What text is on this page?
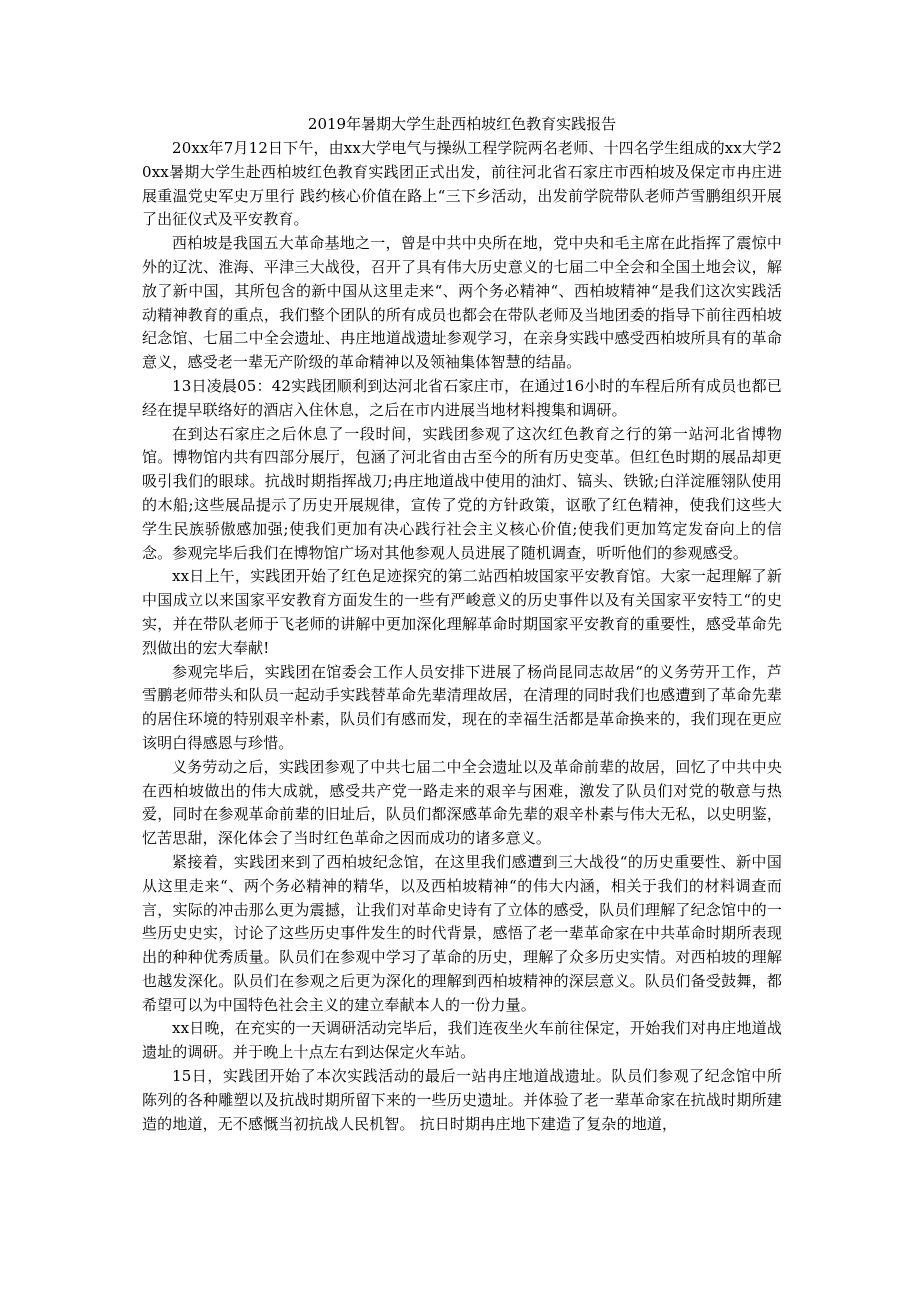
2019年暑期大学生赴西柏坡红色教育实践报告

20xx年7月12日下午，由xx大学电气与操纵工程学院两名老师、十四名学生组成的xx大学20xx暑期大学生赴西柏坡红色教育实践团正式出发，前往河北省石家庄市西柏坡及保定市冉庄进展重温党史军史万里行 践约核心价值在路上“三下乡活动，出发前学院带队老师芦雪鹏组织开展了出征仪式及平安教育。

西柏坡是我国五大革命基地之一，曾是中共中央所在地，党中央和毛主席在此指挥了震惊中外的辽沈、淮海、平津三大战役，召开了具有伟大历史意义的七届二中全会和全国土地会议，解放了新中国，其所包含的新中国从这里走来“、两个务必精神“、西柏坡精神“是我们这次实践活动精神教育的重点，我们整个团队的所有成员也都会在带队老师及当地团委的指导下前往西柏坡纪念馆、七届二中全会遗址、冉庄地道战遗址参观学习，在亲身实践中感受西柏坡所具有的革命意义，感受老一辈无产阶级的革命精神以及领袖集体智慧的结晶。

13日凌晨05：42实践团顺利到达河北省石家庄市，在通过16小时的车程后所有成员也都已经在提早联络好的酒店入住休息，之后在市内进展当地材料搜集和调研。

在到达石家庄之后休息了一段时间，实践团参观了这次红色教育之行的第一站河北省博物馆。博物馆内共有四部分展厅，包涵了河北省由古至今的所有历史变革。但红色时期的展品却更吸引我们的眼球。抗战时期指挥战刀;冉庄地道战中使用的油灯、镐头、铁锨;白洋淀雁翎队使用的木船;这些展品提示了历史开展规律，宣传了党的方针政策，讴歌了红色精神，使我们这些大学生民族骄傲感加强;使我们更加有决心践行社会主义核心价值;使我们更加笃定发奋向上的信念。参观完毕后我们在博物馆广场对其他参观人员进展了随机调查，听听他们的参观感受。

xx日上午，实践团开始了红色足迹探究的第二站西柏坡国家平安教育馆。大家一起理解了新中国成立以来国家平安教育方面发生的一些有严峻意义的历史事件以及有关国家平安特工“的史实，并在带队老师于飞老师的讲解中更加深化理解革命时期国家平安教育的重要性，感受革命先烈做出的宏大奉献!

参观完毕后，实践团在馆委会工作人员安排下进展了杨尚昆同志故居“的义务劳开工作，芦雪鹏老师带头和队员一起动手实践替革命先辈清理故居，在清理的同时我们也感遭到了革命先辈的居住环境的特别艰辛朴素，队员们有感而发，现在的幸福生活都是革命换来的，我们现在更应该明白得感恩与珍惜。

义务劳动之后，实践团参观了中共七届二中全会遗址以及革命前辈的故居，回忆了中共中央在西柏坡做出的伟大成就，感受共产党一路走来的艰辛与困难，激发了队员们对党的敬意与热爱，同时在参观革命前辈的旧址后，队员们都深感革命先辈的艰辛朴素与伟大无私，以史明鉴，忆苦思甜，深化体会了当时红色革命之因而成功的诸多意义。

紧接着，实践团来到了西柏坡纪念馆，在这里我们感遭到三大战役“的历史重要性、新中国从这里走来“、两个务必精神的精华，以及西柏坡精神“的伟大内涵，相关于我们的材料调查而言，实际的冲击那么更为震撼，让我们对革命史诗有了立体的感受，队员们理解了纪念馆中的一些历史史实，讨论了这些历史事件发生的时代背景，感悟了老一辈革命家在中共革命时期所表现出的种种优秀质量。队员们在参观中学习了革命的历史，理解了众多历史实情。对西柏坡的理解也越发深化。队员们在参观之后更为深化的理解到西柏坡精神的深层意义。队员们备受鼓舞，都希望可以为中国特色社会主义的建立奉献本人的一份力量。

xx日晚，在充实的一天调研活动完毕后，我们连夜坐火车前往保定，开始我们对冉庄地道战遗址的调研。并于晚上十点左右到达保定火车站。

15日，实践团开始了本次实践活动的最后一站冉庄地道战遗址。队员们参观了纪念馆中所陈列的各种雕塑以及抗战时期所留下来的一些历史遗址。并体验了老一辈革命家在抗战时期所建造的地道，无不感慨当初抗战人民机智。 抗日时期冉庄地下建造了复杂的地道，
